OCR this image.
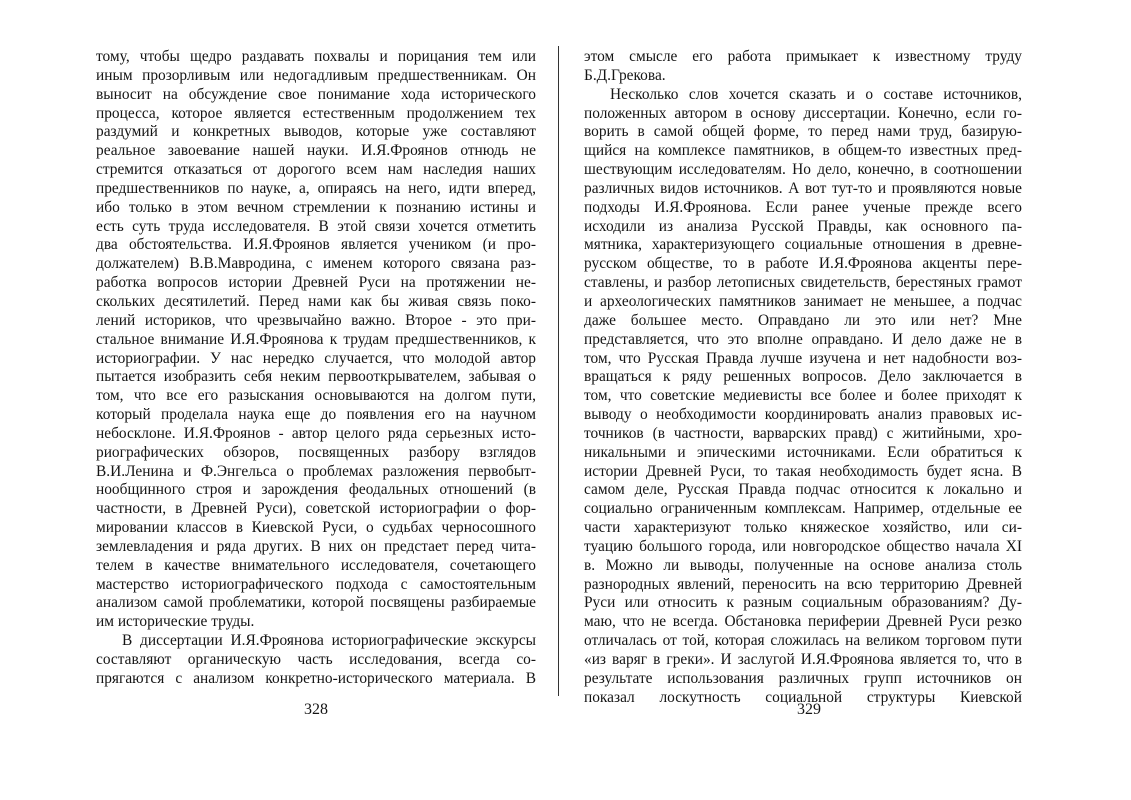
тому, чтобы щедро раздавать похвалы и порицания тем или
иным прозорливым или недогадливым предшественникам. Он
выносит на обсуждение свое понимание хода исторического
процесса, которое является естественным продолжением тех
раздумий и конкретных выводов, которые уже составляют
реальное завоевание нашей науки. И.Я.Фроянов отнюдь не
стремится отказаться от дорогого всем нам наследия наших
предшественников по науке, а, опираясь на него, идти вперед,
ибо только в этом вечном стремлении к познанию истины и
есть суть труда исследователя. В этой связи хочется отметить
два обстоятельства. И.Я.Фроянов является учеником (и про-
должателем) В.В.Мавродина, с именем которого связана раз-
работка вопросов истории Древней Руси на протяжении не-
скольких десятилетий. Перед нами как бы живая связь поко-
лений историков, что чрезвычайно важно. Второе - это при-
стальное внимание И.Я.Фроянова к трудам предшественников, к
историографии. У нас нередко случается, что молодой автор
пытается изобразить себя неким первооткрывателем, забывая о
том, что все его разыскания основываются на долгом пути,
который проделала наука еще до появления его на научном
небосклоне. И.Я.Фроянов - автор целого ряда серьезных исто-
риографических обзоров, посвященных разбору взглядов
В.И.Ленина и Ф.Энгельса о проблемах разложения первобыт-
нообщинного строя и зарождения феодальных отношений (в
частности, в Древней Руси), советской историографии о фор-
мировании классов в Киевской Руси, о судьбах черносошного
землевладения и ряда других. В них он предстает перед чита-
телем в качестве внимательного исследователя, сочетающего
мастерство историографического подхода с самостоятельным
анализом самой проблематики, которой посвящены разбираемые
им исторические труды.
В диссертации И.Я.Фроянова историографические экскурсы
составляют органическую часть исследования, всегда со-
прягаются с анализом конкретно-исторического материала. В
328
этом смысле его работа примыкает к известному труду
Б.Д.Грекова.
Несколько слов хочется сказать и о составе источников,
положенных автором в основу диссертации. Конечно, если го-
ворить в самой общей форме, то перед нами труд, базирую-
щийся на комплексе памятников, в общем-то известных пред-
шествующим исследователям. Но дело, конечно, в соотношении
различных видов источников. А вот тут-то и проявляются новые
подходы И.Я.Фроянова. Если ранее ученые прежде всего
исходили из анализа Русской Правды, как основного па-
мятника, характеризующего социальные отношения в древне-
русском обществе, то в работе И.Я.Фроянова акценты пере-
ставлены, и разбор летописных свидетельств, берестяных грамот
и археологических памятников занимает не меньшее, а подчас
даже большее место. Оправдано ли это или нет? Мне
представляется, что это вполне оправдано. И дело даже не в
том, что Русская Правда лучше изучена и нет надобности воз-
вращаться к ряду решенных вопросов. Дело заключается в
том, что советские медиевисты все более и более приходят к
выводу о необходимости координировать анализ правовых ис-
точников (в частности, варварских правд) с житийными, хро-
никальными и эпическими источниками. Если обратиться к
истории Древней Руси, то такая необходимость будет ясна. В
самом деле, Русская Правда подчас относится к локально и
социально ограниченным комплексам. Например, отдельные ее
части характеризуют только княжеское хозяйство, или си-
туацию большого города, или новгородское общество начала XI
в. Можно ли выводы, полученные на основе анализа столь
разнородных явлений, переносить на всю территорию Древней
Руси или относить к разным социальным образованиям? Ду-
маю, что не всегда. Обстановка периферии Древней Руси резко
отличалась от той, которая сложилась на великом торговом пути
«из варяг в греки». И заслугой И.Я.Фроянова является то, что в
результате использования различных групп источников он
показал лоскутность социальной структуры Киевской
329
